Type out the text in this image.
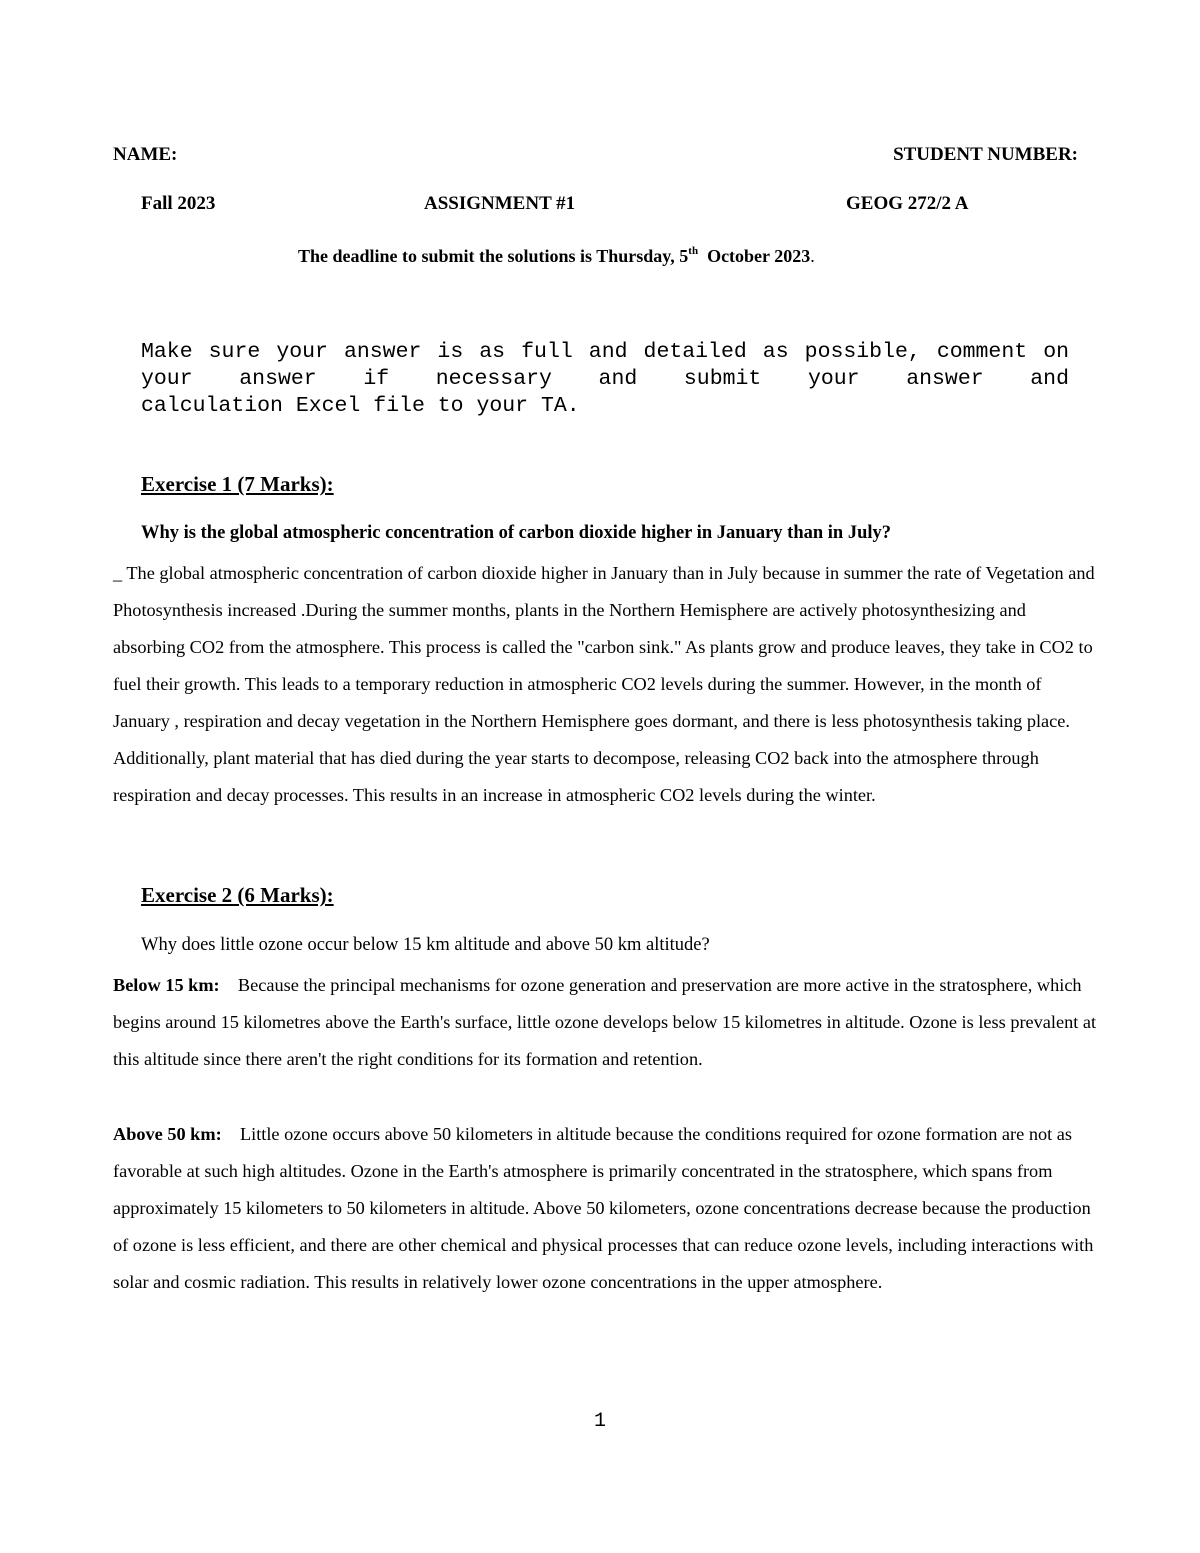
NAME:	STUDENT NUMBER:
Fall 2023	ASSIGNMENT #1	GEOG 272/2 A
The deadline to submit the solutions is Thursday, 5th  October 2023.
Make sure your answer is as full and detailed as possible, comment on your answer if necessary and submit your answer and
calculation Excel file to your TA.
Exercise 1 (7 Marks):
Why is the global atmospheric concentration of carbon dioxide higher in January than in July?
_ The global atmospheric concentration of carbon dioxide higher in January than in July because in summer the rate of Vegetation and Photosynthesis increased .During the summer months, plants in the Northern Hemisphere are actively photosynthesizing and absorbing CO2 from the atmosphere. This process is called the "carbon sink." As plants grow and produce leaves, they take in CO2 to fuel their growth. This leads to a temporary reduction in atmospheric CO2 levels during the summer. However, in the month of January , respiration and decay vegetation in the Northern Hemisphere goes dormant, and there is less photosynthesis taking place. Additionally, plant material that has died during the year starts to decompose, releasing CO2 back into the atmosphere through respiration and decay processes. This results in an increase in atmospheric CO2 levels during the winter.
Exercise 2 (6 Marks):
Why does little ozone occur below 15 km altitude and above 50 km altitude?
Below 15 km: Because the principal mechanisms for ozone generation and preservation are more active in the stratosphere, which begins around 15 kilometres above the Earth's surface, little ozone develops below 15 kilometres in altitude. Ozone is less prevalent at this altitude since there aren't the right conditions for its formation and retention.
Above 50 km: Little ozone occurs above 50 kilometers in altitude because the conditions required for ozone formation are not as favorable at such high altitudes. Ozone in the Earth's atmosphere is primarily concentrated in the stratosphere, which spans from approximately 15 kilometers to 50 kilometers in altitude. Above 50 kilometers, ozone concentrations decrease because the production of ozone is less efficient, and there are other chemical and physical processes that can reduce ozone levels, including interactions with solar and cosmic radiation. This results in relatively lower ozone concentrations in the upper atmosphere.
1
